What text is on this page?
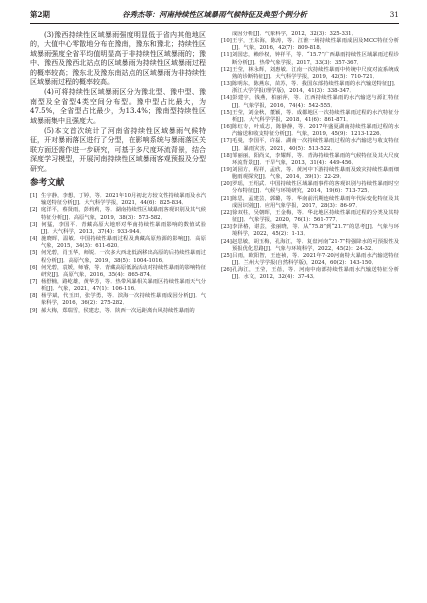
第2期	谷秀杰等：河南持续性区域暴雨气候特征及典型个例分析	31

(3)豫西持续性区域暴雨强度明显低于省内其他地区的，大值中心零散地分布在豫南，豫东和豫北；持续性区域暴雨强度全省平均值明显高于非持续性区域暴雨的；豫中、豫西及豫西北站点的区域暴雨为持续性区域暴雨过程的概率较高；豫东北及豫东南站点的区域暴雨为非持续性区域暴雨过程的概率较高。

(4)可将持续性区域暴雨区分为豫北型、豫中型、豫南型及全省型4类空间分布型。豫中型占比最大，为47.5%，全省型占比最少，为13.4%；豫南型持续性区域暴雨集中且强度大。

(5)本文首次统计了河南省持续性区域暴雨气候特征，开对暴雨落区进行了分型，在影响系统与暴雨落区关联方面还需作进一步研究，可基于多尺度环流背景，结合深度学习模型，开展河南持续性区域暴雨客观预报及分型研究。

参考文献

[1] 生宇静，李想，丁婷，等．2021年10月初北方较文性持续暴雨及水汽输送特征分析[J]．大气科学学报，2021，44(6)：825-834．

[2] 庭洋平，蔡贤雨，彭莉莉，等．湖南持续性区域暴雨客观识别及其气候特征分析[J]．高原气象，2019，38(3)：573-582．

[3] 何猛，李国平．青藏高原大地形对华南持续性暴雨影响的数值试验[J]．大气科学，2013，37(4)：933-944．

[4] 施晓晖，温敏．中国持续性暴雨过程及典藏高原热源的影响[J]．高原气象，2015，34(3)：611-620．

[5] 何光碧，肖玉华，师锐．一次多大西北低涡移出高原的后持续性暴雨过程分析[J]．高原气象，2019，38(5)：1004-1016．

[6] 何光碧，袁媛，师睿，等．青藏高原低涡活动对持续性暴雨的影响特征研究[J]．高原气象，2016，35(4)：865-874．

[7] 杨舒楠，路屹雄，黄华芳，等．热带风暴相关暴雨区持续性暴雨天气分析[J]．气象，2021，47(1)：106-116．

[8] 杨学斌，代玉田，张学勇，等．滨海一次持续性暴雨成因分析[J]．气象科学，2016，36(2)：275-282．

[9] 郝大梅，郑瑞雪，侯建忠，等．陕西一次远距离台风持续性暴雨的

成因分析[J]．气象科学，2012，32(3)：325-331．

[10]王宇，王东海，陈涛，等．江淮一场持续性暴雨成因及MCC特征分析[J]．气象，2016，42(7)：809-818．

[11]刘国忠，赖珍权，钟祥平，等．“15.7”广西暴雨持续性区域暴雨过程诊断分析[J]．热带气象学报，2017，33(3)：357-367．

[12]王莹，林永辉，刘惠敏．江南一次持续性暴雨中传统中尺度对流系统成熟的诊断特征[J]．大气科学学报，2019，42(5)：710-721．

[13]陈明东，陈燕东，苗苏，等．我国东部持续性暴雨的水汽输送特征[J]．浙江大学学报(理学版)，2014，41(3)：338-347．

[14]彭建宇，钱燕，柏丽萍，等．江西持续性暴雨的水汽输送与源汇特征[J]．气象学报，2016，74(4)：542-555．

[15]王莹，刘金秋，董颖，等．成都地区一次持续性暴雨过程的水汽特征分析[J]．大气科学学报，2018，41(6)：861-871．

[16]陈红专，叶成志，陈静静，等．2017年盛夏湖南持续性暴雨过程的水汽输送和收支特征分析[J]．气象，2019，45(9)：1213-1226．

[17]毛曼，李国平，许磊．湖南一次持续性暴雨过程的水汽输送与收支特征[J]．暴雨灾害，2021，40(5)：513-522．

[18]邹丽丽，阳尚义，李耀辉，等．青海持续性暴雨的气候特征及其大尺度环流背景[J]．干旱气象，2013，31(4)：449-456．

[19]刘园方，程祥，孟欣，等．黄河中下游持续性暴雨及致灾持续性暴雨细胞雨观探究[J]．气象，2014，39(1)：22-29．

[20]罗瑶，王绍武．中国持续性区域暴雨事件的客观识别与持续性暴雨时空分布特征[J]．气候与环境研究，2014，19(6)：713-725．

[21]陈思，孟建芸，郭璐，等．华南前汛期连续性暴雨年代际变化特征及其成因识别[J]．应用气象学报，2017，28(3)：86-97．

[22]徐双柱，吴朝晖，王金梅，等．华北地区持续性暴雨过程的分类及其特征[J]．气象学报，2020，76(1)：561-777．

[23]李泽椿，谌芸，张丽晓，等．从“75.8”到“21.7”的思考[J]．气象与环境科学，2022，45(2)：1-13．

[24]赵思敏，胡玉梅，孔海江，等．复盘河南“21·7”特强降水的可预报性及预报优化思路[J]．气象与环境科学，2022，45(2)：24-32．

[25]吕雨，欧阳智，王连祯，等．2021年7·20河南特大暴雨水汽输送特征[J]．兰州大学学报(自然科学版)，2024，60(2)：143-150．

[26]孔海江，王莹，王蓓，等．河南中南部持续性暴雨水汽输送特征分析[J]．水文，2012，32(4)：37-43．
